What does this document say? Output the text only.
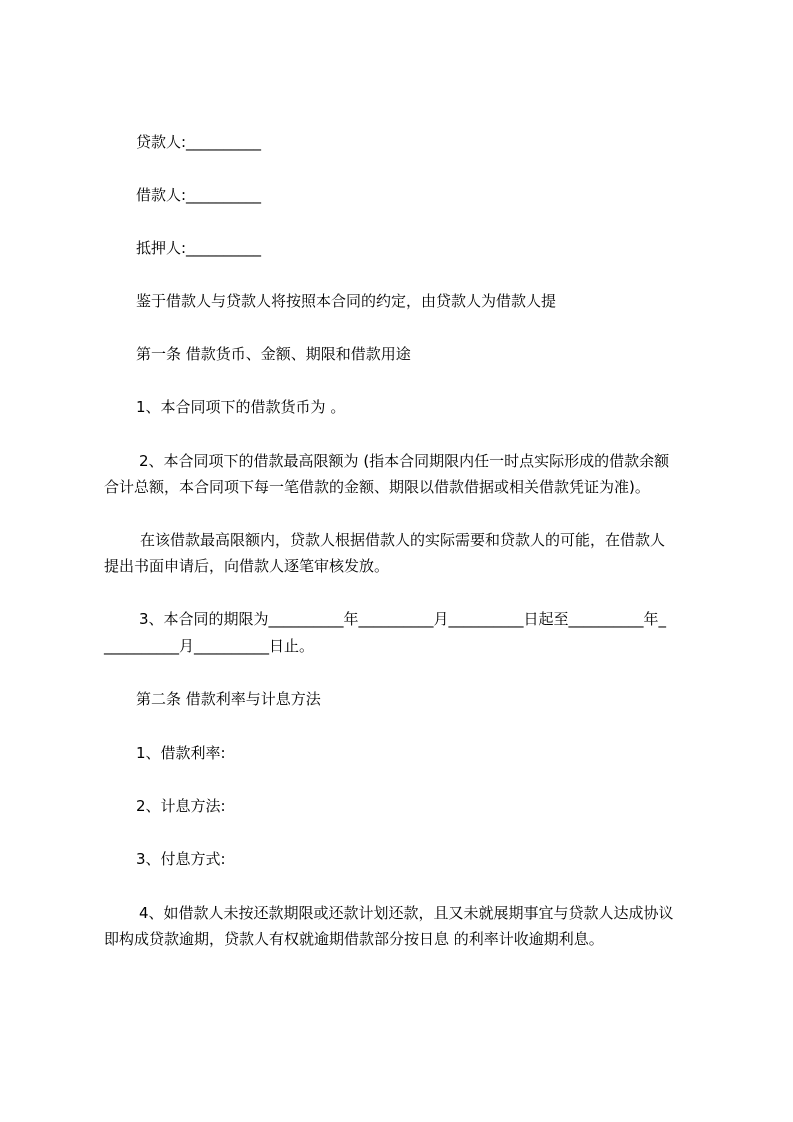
贷款人:__________
借款人:__________
抵押人:__________
鉴于借款人与贷款人将按照本合同的约定，由贷款人为借款人提
第一条 借款货币、金额、期限和借款用途
1、本合同项下的借款货币为 。
2、本合同项下的借款最高限额为 (指本合同期限内任一时点实际形成的借款余额
合计总额，本合同项下每一笔借款的金额、期限以借款借据或相关借款凭证为准)。
在该借款最高限额内，贷款人根据借款人的实际需要和贷款人的可能，在借款人
提出书面申请后，向借款人逐笔审核发放。
3、本合同的期限为__________年__________月__________日起至__________年_
__________月__________日止。
第二条 借款利率与计息方法
1、借款利率:
2、计息方法:
3、付息方式:
4、如借款人未按还款期限或还款计划还款，且又未就展期事宜与贷款人达成协议
即构成贷款逾期，贷款人有权就逾期借款部分按日息 的利率计收逾期利息。
